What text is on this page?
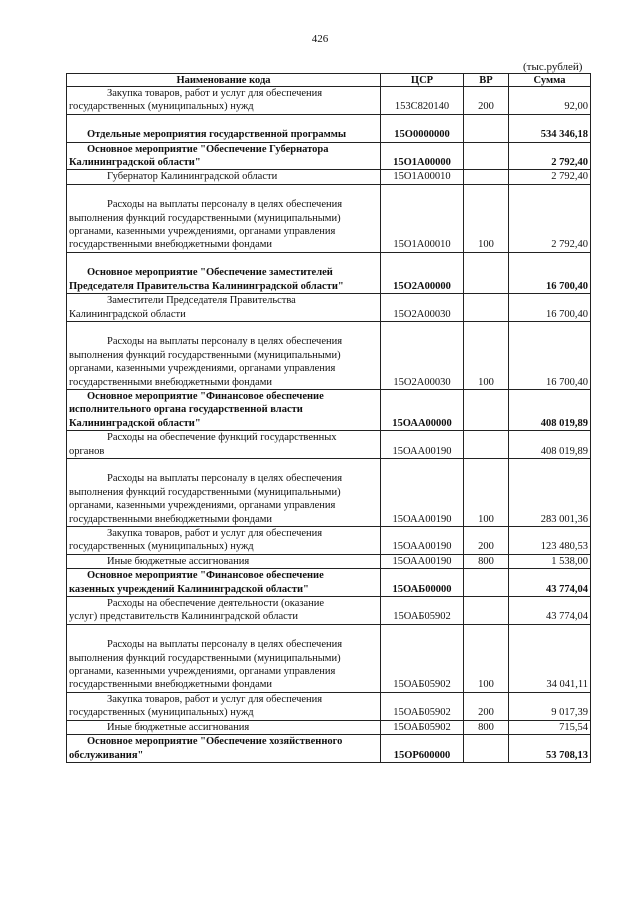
426
(тыс.рублей)
Наименование кода	ЦСР	ВР	Сумма

Закупка товаров, работ и услуг для обеспечения
государственных (муниципальных) нужд	153С820140	200	92,00

Отдельные мероприятия государственной программы	15О0000000		534 346,18

Основное мероприятие "Обеспечение Губернатора
Калининградской области"	15О1А00000		2 792,40

Губернатор Калининградской области	15О1А00010		2 792,40

Расходы на выплаты персоналу в целях обеспечения
выполнения функций государственными (муниципальными)
органами, казенными учреждениями, органами управления
государственными внебюджетными фондами	15О1А00010	100	2 792,40

Основное мероприятие "Обеспечение заместителей
Председателя Правительства Калининградской области"	15О2А00000		16 700,40

Заместители Председателя Правительства
Калининградской области	15О2А00030		16 700,40

Расходы на выплаты персоналу в целях обеспечения
выполнения функций государственными (муниципальными)
органами, казенными учреждениями, органами управления
государственными внебюджетными фондами	15О2А00030	100	16 700,40

Основное мероприятие "Финансовое обеспечение
исполнительного органа государственной власти
Калининградской области"	15ОАА00000		408 019,89

Расходы на обеспечение функций государственных
органов	15ОАА00190		408 019,89

Расходы на выплаты персоналу в целях обеспечения
выполнения функций государственными (муниципальными)
органами, казенными учреждениями, органами управления
государственными внебюджетными фондами	15ОАА00190	100	283 001,36

Закупка товаров, работ и услуг для обеспечения
государственных (муниципальных) нужд	15ОАА00190	200	123 480,53

Иные бюджетные ассигнования	15ОАА00190	800	1 538,00

Основное мероприятие "Финансовое обеспечение
казенных учреждений Калининградской области"	15ОАБ00000		43 774,04

Расходы на обеспечение деятельности (оказание
услуг) представительств Калининградской области	15ОАБ05902		43 774,04

Расходы на выплаты персоналу в целях обеспечения
выполнения функций государственными (муниципальными)
органами, казенными учреждениями, органами управления
государственными внебюджетными фондами	15ОАБ05902	100	34 041,11

Закупка товаров, работ и услуг для обеспечения
государственных (муниципальных) нужд	15ОАБ05902	200	9 017,39

Иные бюджетные ассигнования	15ОАБ05902	800	715,54

Основное мероприятие "Обеспечение хозяйственного
обслуживания"	15ОР600000		53 708,13
